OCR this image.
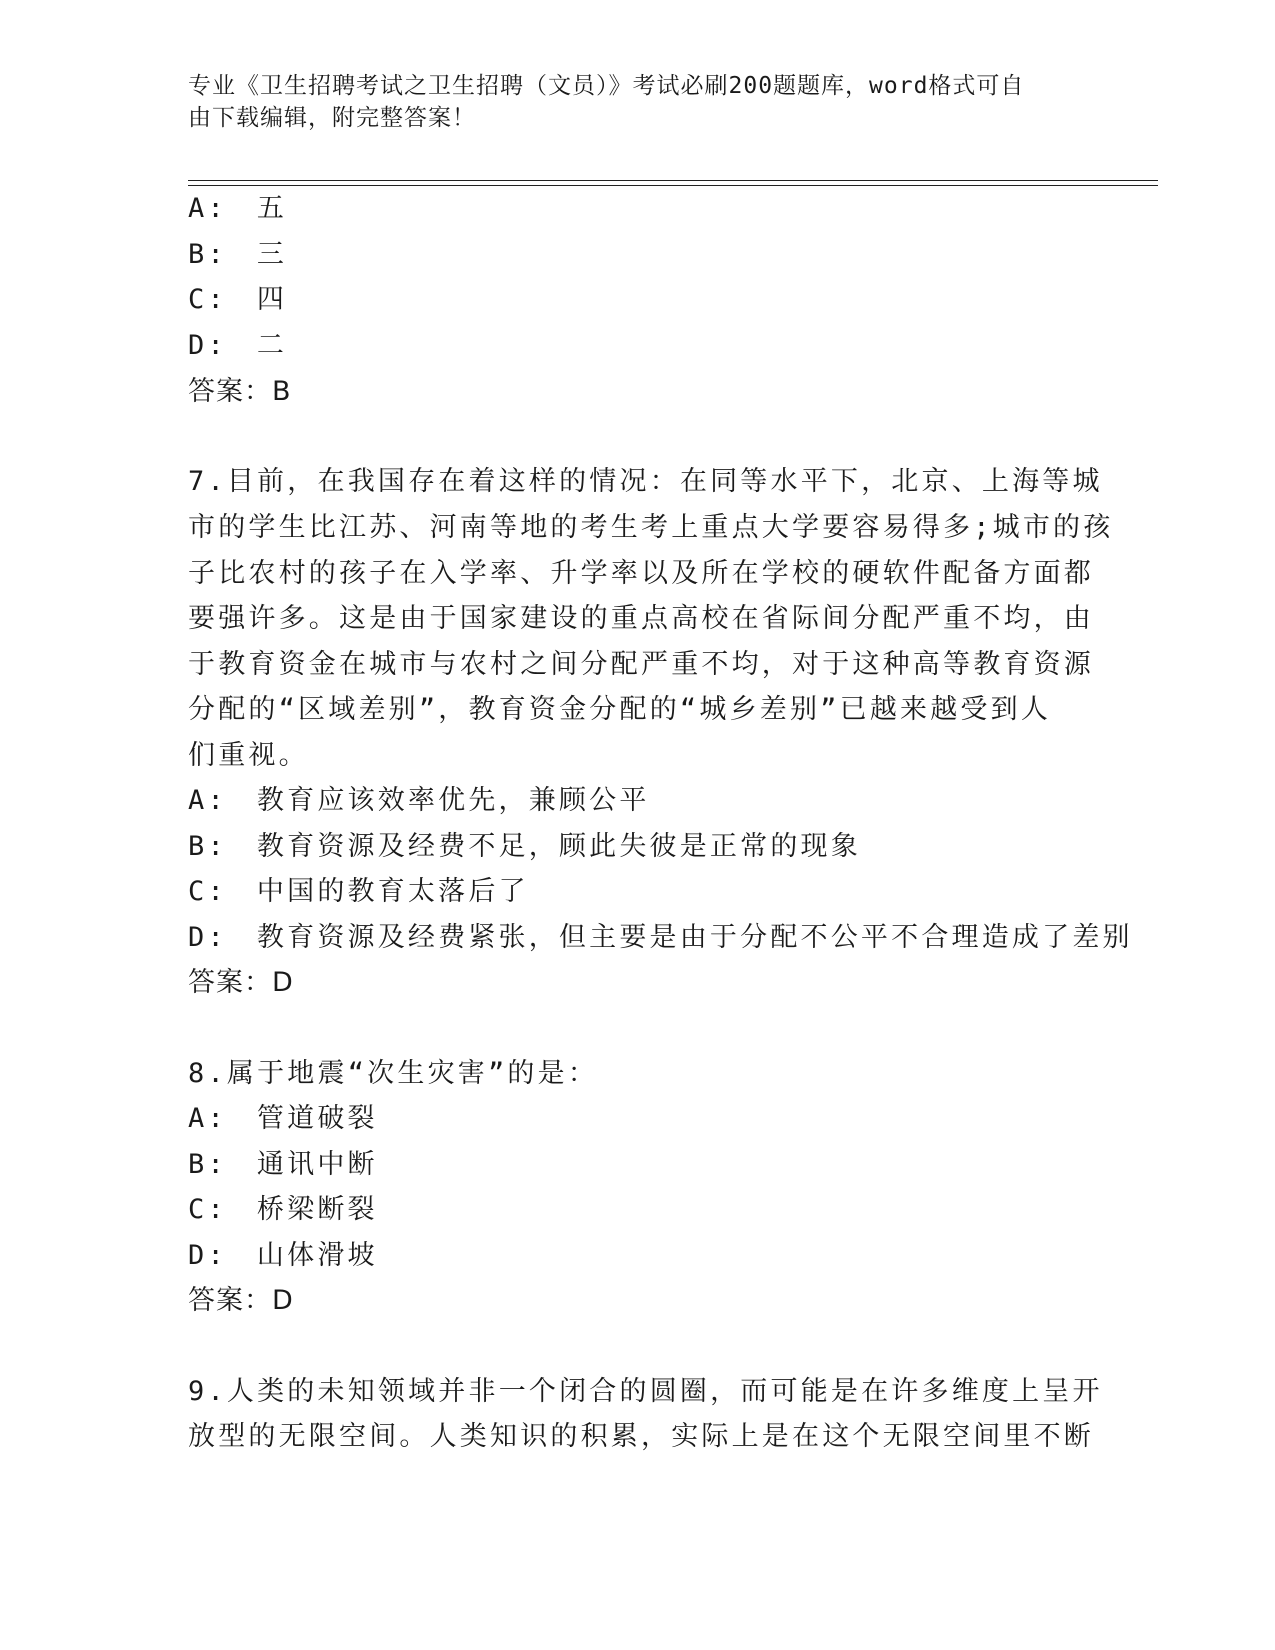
专业《卫生招聘考试之卫生招聘（文员）》考试必刷200题题库，word格式可自
由下载编辑，附完整答案！
A: 五
B: 三
C: 四
D: 二
答案：B
7.目前，在我国存在着这样的情况：在同等水平下，北京、上海等城
市的学生比江苏、河南等地的考生考上重点大学要容易得多;城市的孩
子比农村的孩子在入学率、升学率以及所在学校的硬软件配备方面都
要强许多。这是由于国家建设的重点高校在省际间分配严重不均，由
于教育资金在城市与农村之间分配严重不均，对于这种高等教育资源
分配的“区域差别”，教育资金分配的“城乡差别”已越来越受到人
们重视。
A: 教育应该效率优先，兼顾公平
B: 教育资源及经费不足，顾此失彼是正常的现象
C: 中国的教育太落后了
D: 教育资源及经费紧张，但主要是由于分配不公平不合理造成了差别
答案：D
8.属于地震“次生灾害”的是：
A: 管道破裂
B: 通讯中断
C: 桥梁断裂
D: 山体滑坡
答案：D
9.人类的未知领域并非一个闭合的圆圈，而可能是在许多维度上呈开
放型的无限空间。人类知识的积累，实际上是在这个无限空间里不断
